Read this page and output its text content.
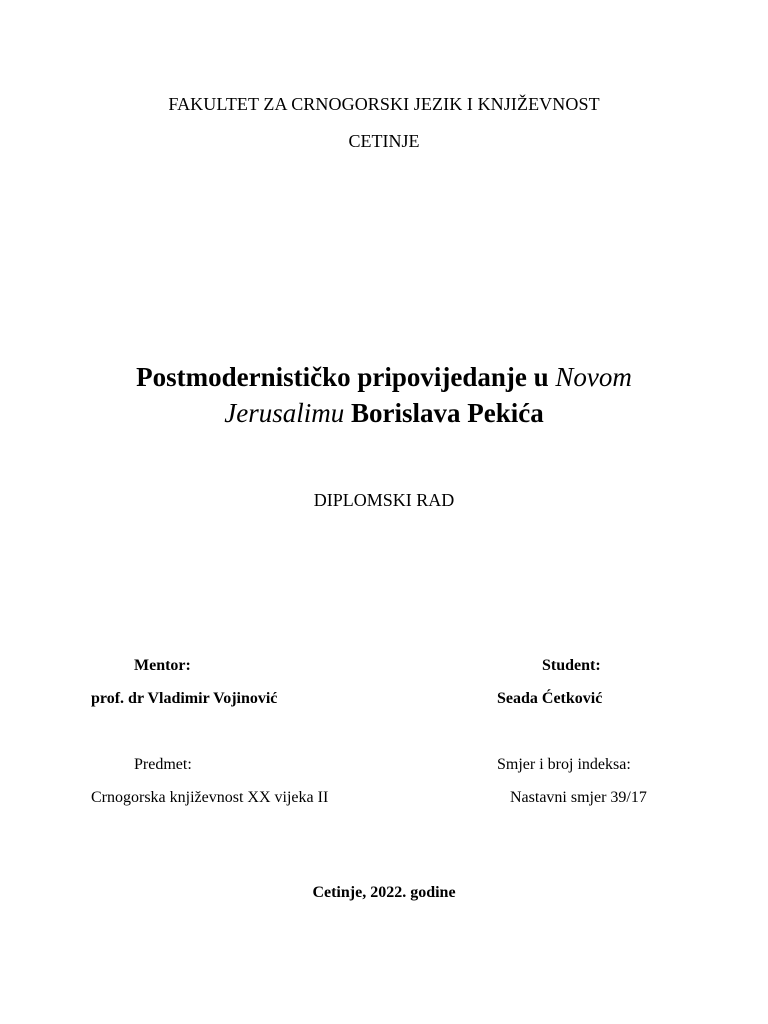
FAKULTET ZA CRNOGORSKI JEZIK I KNJIŽEVNOST
CETINJE
Postmodernističko pripovijedanje u Novom
Jerusalimu Borislava Pekića
DIPLOMSKI RAD
Mentor:
prof. dr Vladimir Vojinović
Student:
Seada Ćetković
Predmet:
Crnogorska književnost XX vijeka II
Smjer i broj indeksa:
Nastavni smjer 39/17
Cetinje, 2022. godine
